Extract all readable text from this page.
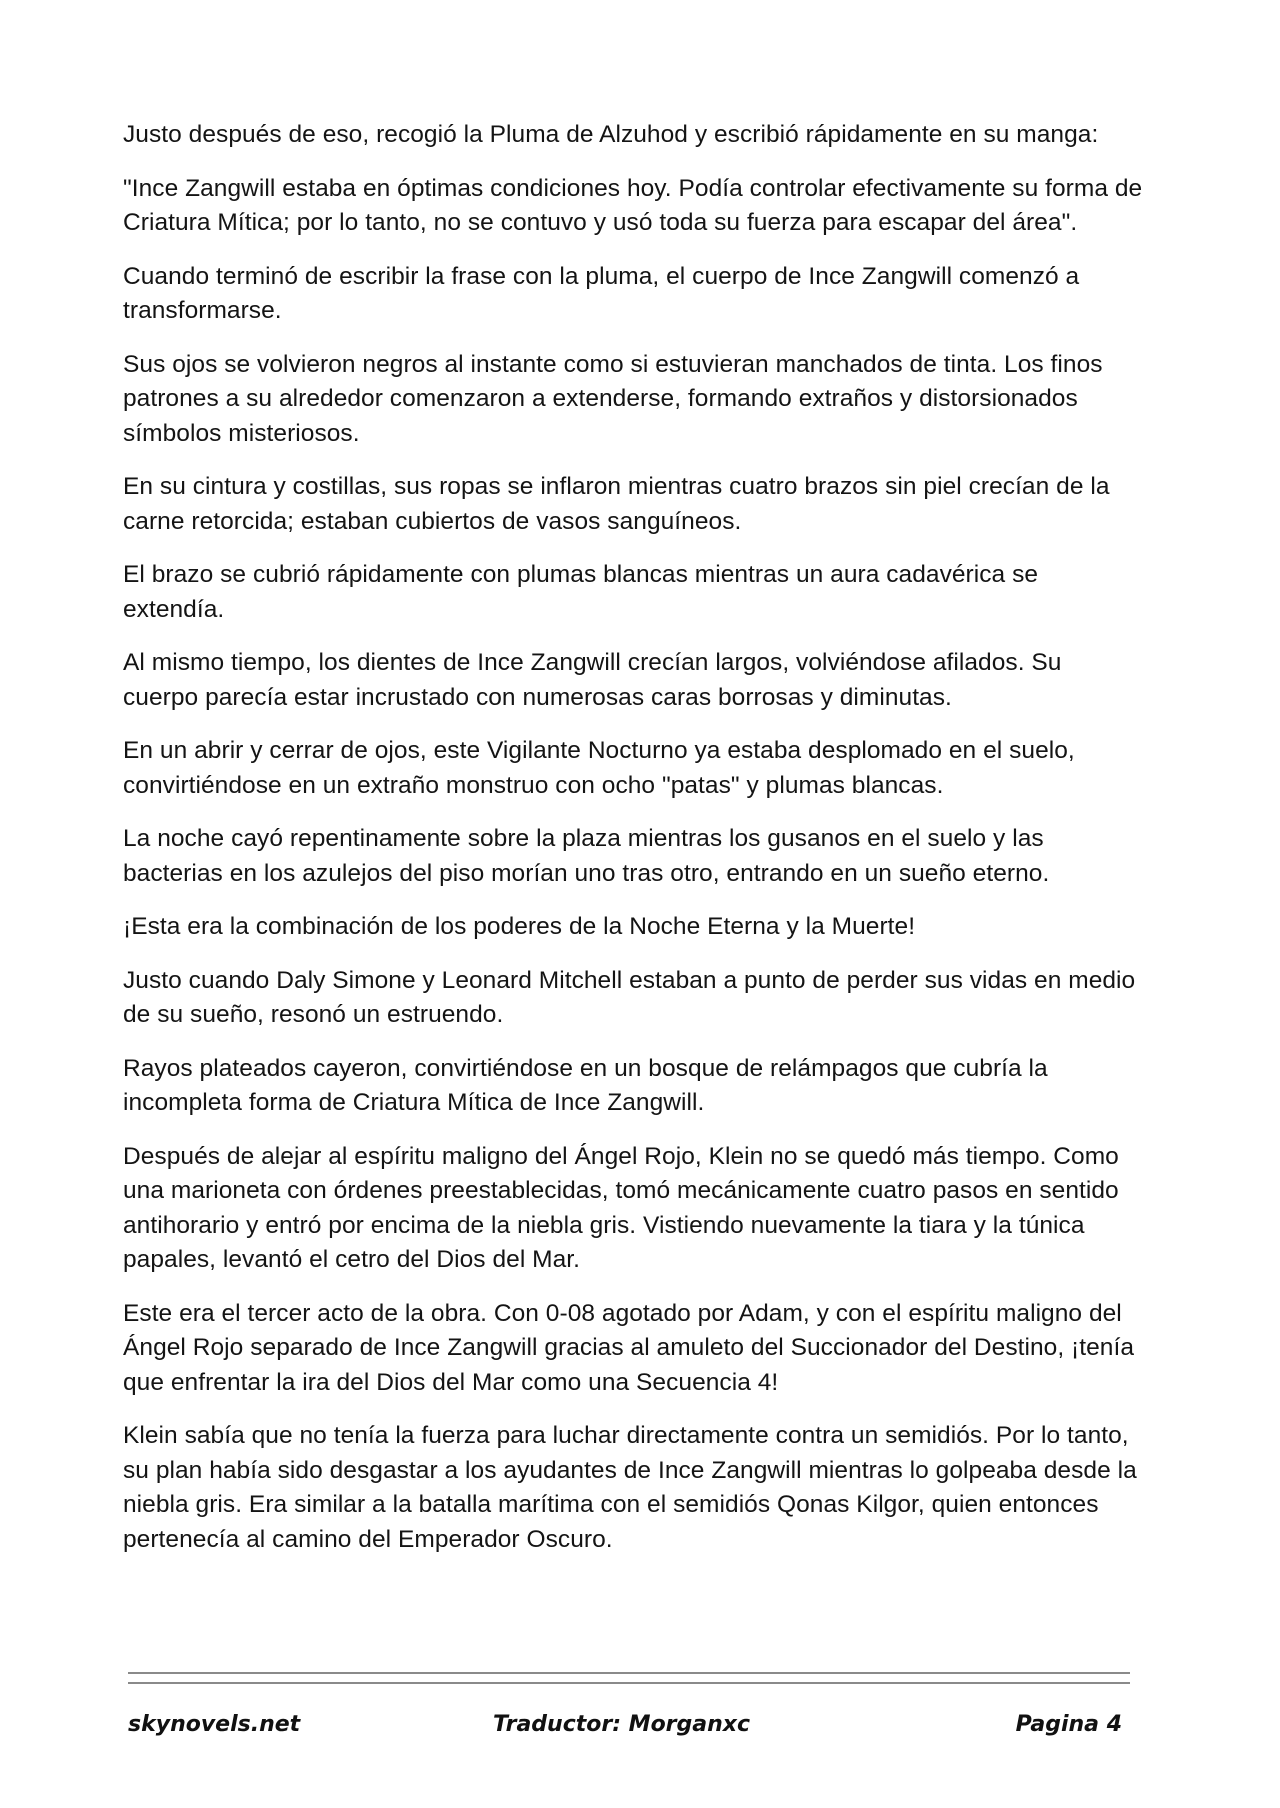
Justo después de eso, recogió la Pluma de Alzuhod y escribió rápidamente en su manga:

"Ince Zangwill estaba en óptimas condiciones hoy. Podía controlar efectivamente su forma de Criatura Mítica; por lo tanto, no se contuvo y usó toda su fuerza para escapar del área".

Cuando terminó de escribir la frase con la pluma, el cuerpo de Ince Zangwill comenzó a transformarse.

Sus ojos se volvieron negros al instante como si estuvieran manchados de tinta. Los finos patrones a su alrededor comenzaron a extenderse, formando extraños y distorsionados símbolos misteriosos.

En su cintura y costillas, sus ropas se inflaron mientras cuatro brazos sin piel crecían de la carne retorcida; estaban cubiertos de vasos sanguíneos.

El brazo se cubrió rápidamente con plumas blancas mientras un aura cadavérica se extendía.

Al mismo tiempo, los dientes de Ince Zangwill crecían largos, volviéndose afilados. Su cuerpo parecía estar incrustado con numerosas caras borrosas y diminutas.

En un abrir y cerrar de ojos, este Vigilante Nocturno ya estaba desplomado en el suelo, convirtiéndose en un extraño monstruo con ocho "patas" y plumas blancas.

La noche cayó repentinamente sobre la plaza mientras los gusanos en el suelo y las bacterias en los azulejos del piso morían uno tras otro, entrando en un sueño eterno.

¡Esta era la combinación de los poderes de la Noche Eterna y la Muerte!

Justo cuando Daly Simone y Leonard Mitchell estaban a punto de perder sus vidas en medio de su sueño, resonó un estruendo.

Rayos plateados cayeron, convirtiéndose en un bosque de relámpagos que cubría la incompleta forma de Criatura Mítica de Ince Zangwill.

Después de alejar al espíritu maligno del Ángel Rojo, Klein no se quedó más tiempo. Como una marioneta con órdenes preestablecidas, tomó mecánicamente cuatro pasos en sentido antihorario y entró por encima de la niebla gris. Vistiendo nuevamente la tiara y la túnica papales, levantó el cetro del Dios del Mar.

Este era el tercer acto de la obra. Con 0-08 agotado por Adam, y con el espíritu maligno del Ángel Rojo separado de Ince Zangwill gracias al amuleto del Succionador del Destino, ¡tenía que enfrentar la ira del Dios del Mar como una Secuencia 4!

Klein sabía que no tenía la fuerza para luchar directamente contra un semidiós. Por lo tanto, su plan había sido desgastar a los ayudantes de Ince Zangwill mientras lo golpeaba desde la niebla gris. Era similar a la batalla marítima con el semidiós Qonas Kilgor, quien entonces pertenecía al camino del Emperador Oscuro.

skynovels.net	Traductor: Morganxc	Pagina 4
